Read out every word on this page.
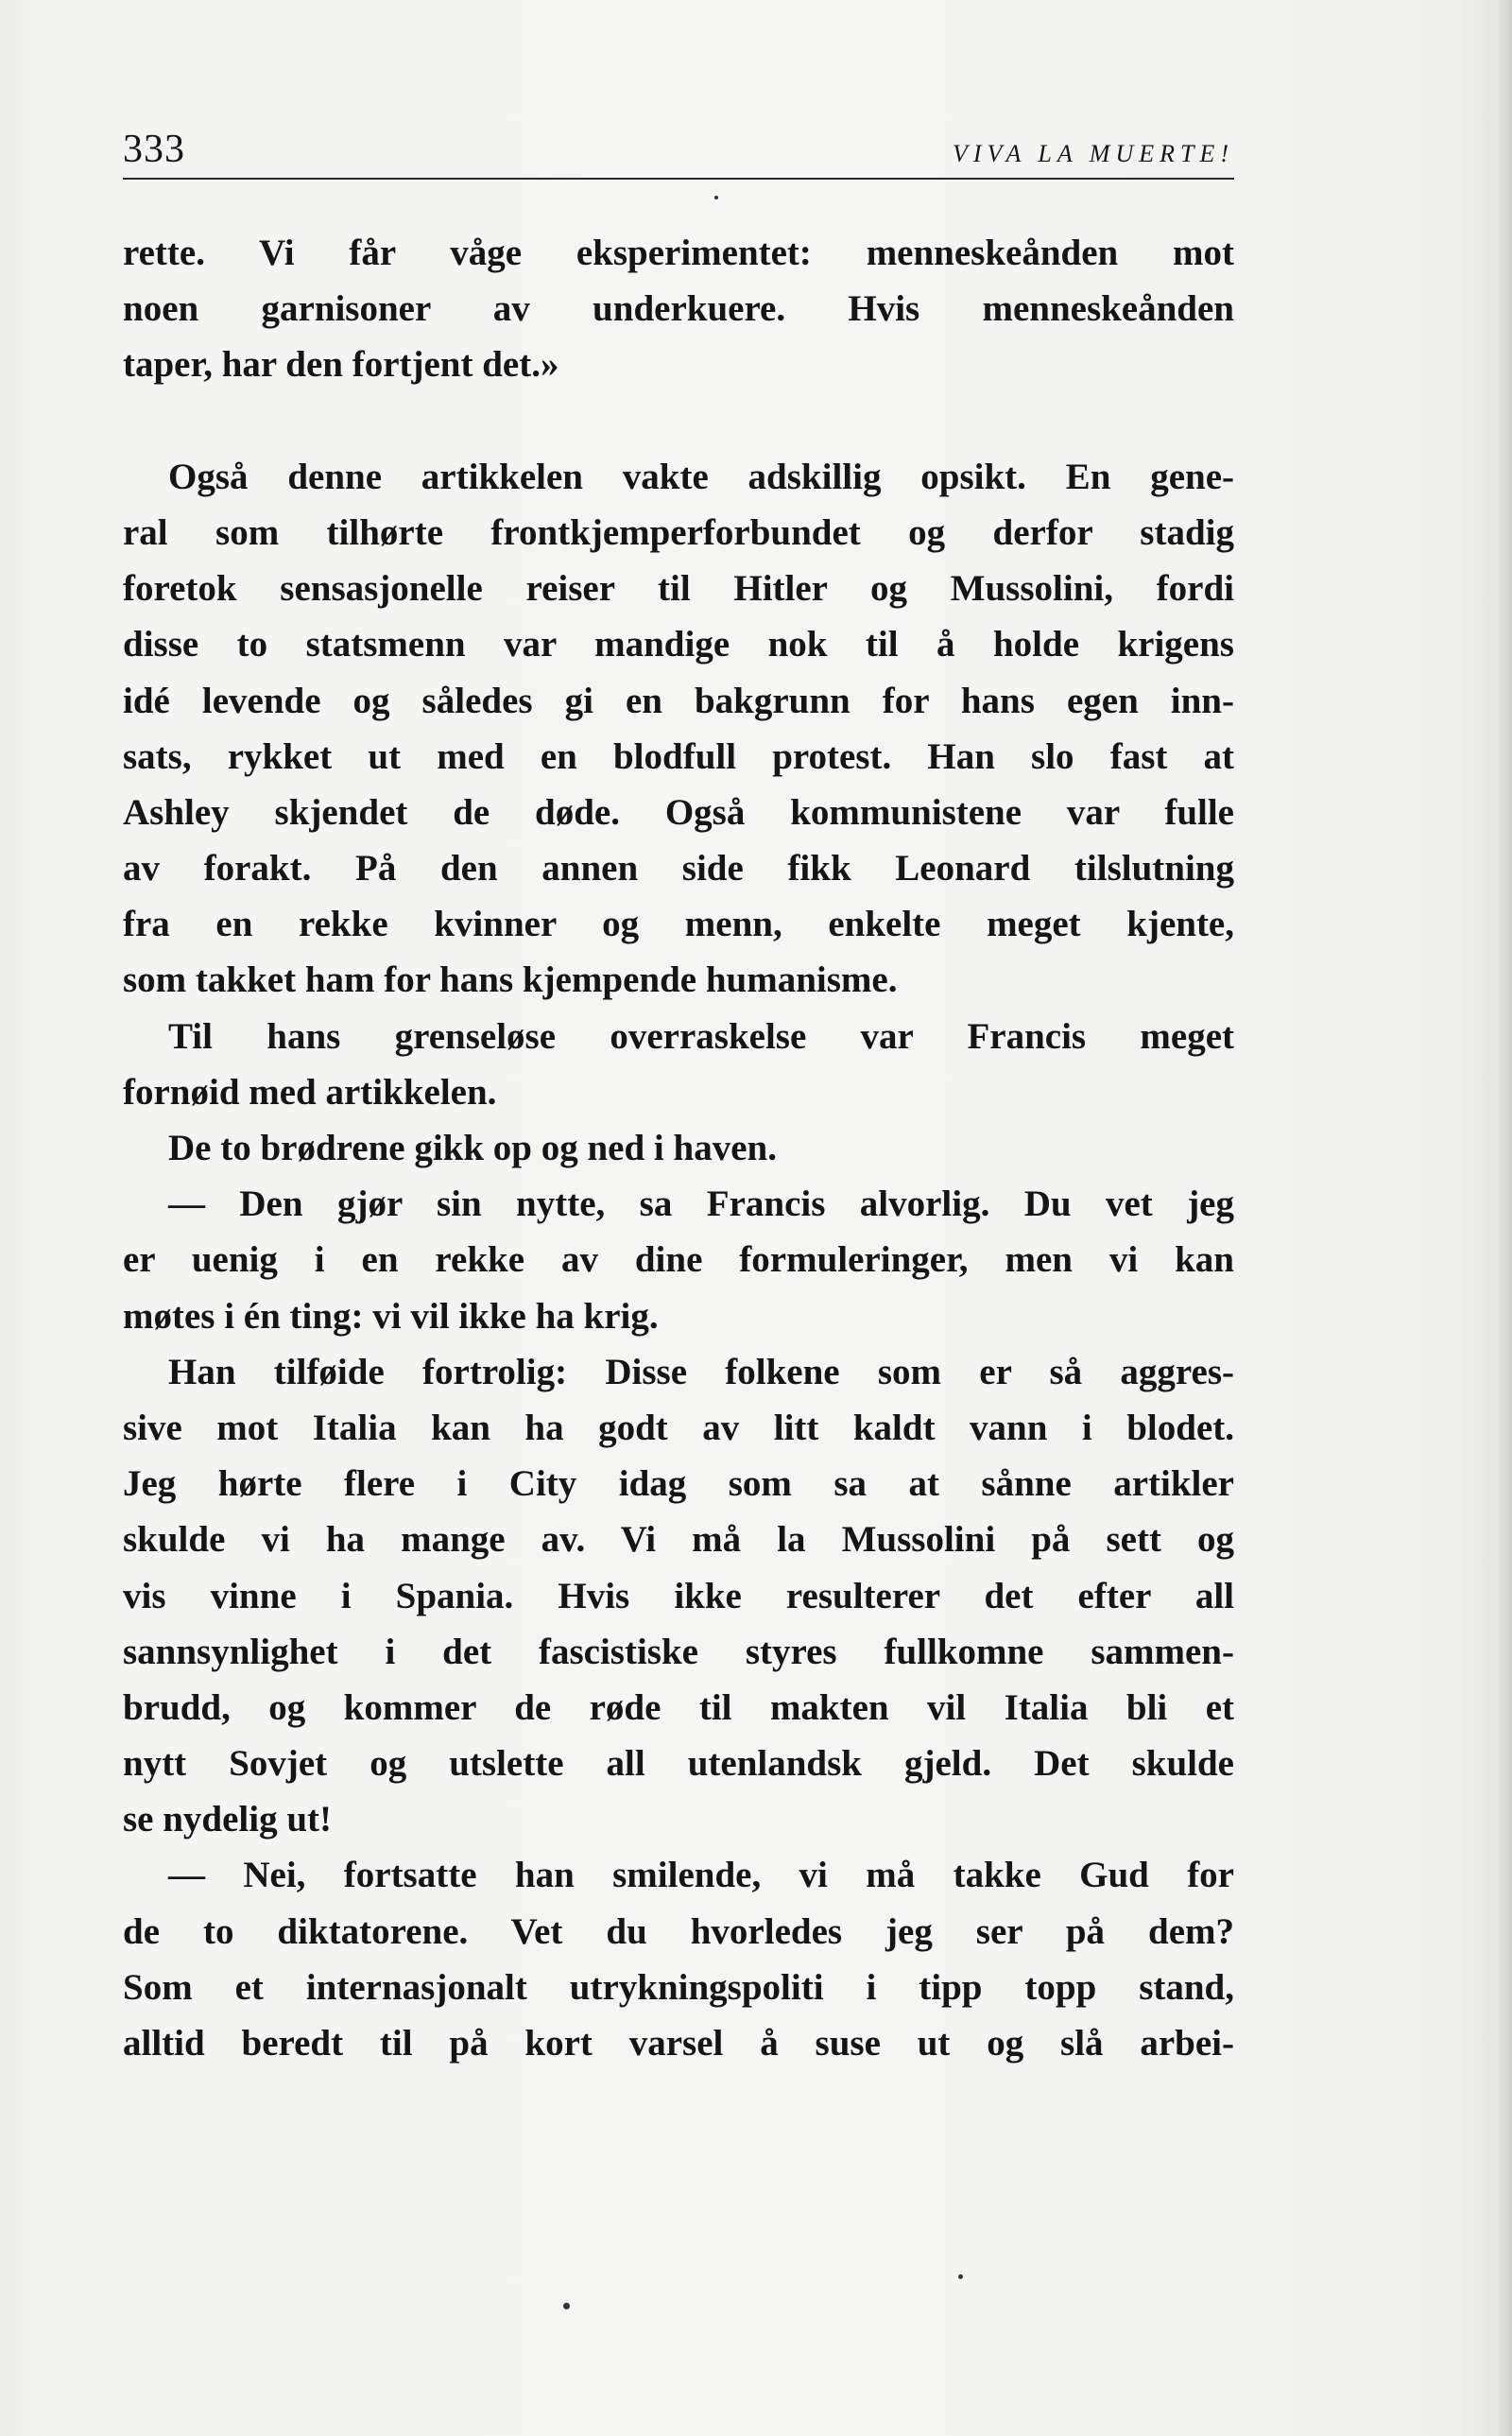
333	VIVA LA MUERTE!
rette. Vi får våge eksperimentet: menneskeånden mot
noen garnisoner av underkuere. Hvis menneskeånden
taper, har den fortjent det.»
Også denne artikkelen vakte adskillig opsikt. En gene-
ral som tilhørte frontkjemperforbundet og derfor stadig
foretok sensasjonelle reiser til Hitler og Mussolini, fordi
disse to statsmenn var mandige nok til å holde krigens
idé levende og således gi en bakgrunn for hans egen inn-
sats, rykket ut med en blodfull protest. Han slo fast at
Ashley skjendet de døde. Også kommunistene var fulle
av forakt. På den annen side fikk Leonard tilslutning
fra en rekke kvinner og menn, enkelte meget kjente,
som takket ham for hans kjempende humanisme.
Til hans grenseløse overraskelse var Francis meget
fornøid med artikkelen.
De to brødrene gikk op og ned i haven.
— Den gjør sin nytte, sa Francis alvorlig. Du vet jeg
er uenig i en rekke av dine formuleringer, men vi kan
møtes i én ting: vi vil ikke ha krig.
Han tilføide fortrolig: Disse folkene som er så aggres-
sive mot Italia kan ha godt av litt kaldt vann i blodet.
Jeg hørte flere i City idag som sa at sånne artikler
skulde vi ha mange av. Vi må la Mussolini på sett og
vis vinne i Spania. Hvis ikke resulterer det efter all
sannsynlighet i det fascistiske styres fullkomne sammen-
brudd, og kommer de røde til makten vil Italia bli et
nytt Sovjet og utslette all utenlandsk gjeld. Det skulde
se nydelig ut!
— Nei, fortsatte han smilende, vi må takke Gud for
de to diktatorene. Vet du hvorledes jeg ser på dem?
Som et internasjonalt utrykningspoliti i tipp topp stand,
alltid beredt til på kort varsel å suse ut og slå arbei-
